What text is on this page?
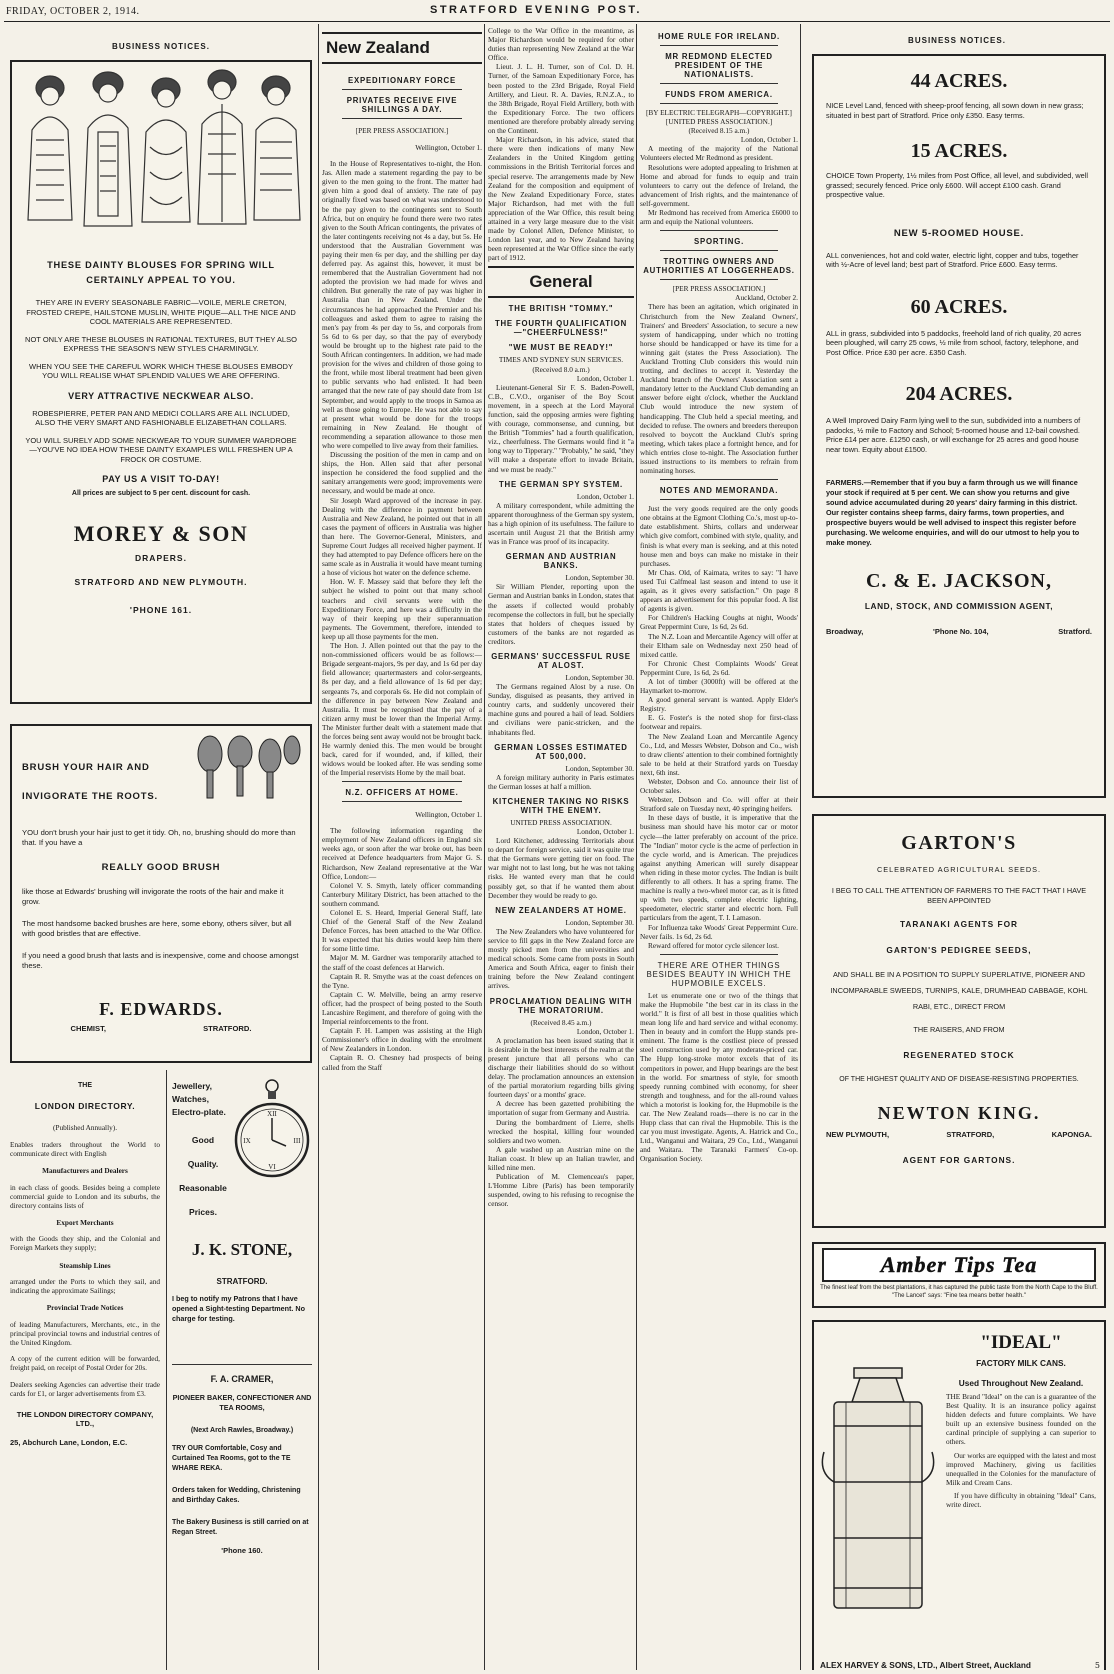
FRIDAY, OCTOBER 2, 1914.	STRATFORD EVENING POST.
BUSINESS NOTICES.

THESE DAINTY BLOUSES FOR SPRING WILL CERTAINLY APPEAL TO YOU.

THEY ARE IN EVERY SEASONABLE FABRIC—VOILE, MERLE CRETON, FROSTED CREPE, HAILSTONE MUSLIN, WHITE PIQUE—ALL THE NICE AND COOL MATERIALS ARE REPRESENTED.

NOT ONLY ARE THESE BLOUSES IN RATIONAL TEXTURES, BUT THEY ALSO EXPRESS THE SEASON'S NEW STYLES CHARMINGLY.

WHEN YOU SEE THE CAREFUL WORK WHICH THESE BLOUSES EMBODY YOU WILL REALISE WHAT SPLENDID VALUES WE ARE OFFERING.

VERY ATTRACTIVE NECKWEAR ALSO.

ROBESPIERRE, PETER PAN AND MEDICI COLLARS ARE ALL INCLUDED, ALSO THE VERY SMART AND FASHIONABLE ELIZABETHAN COLLARS.

YOU WILL SURELY ADD SOME NECKWEAR TO YOUR SUMMER WARDROBE—YOU'VE NO IDEA HOW THESE DAINTY EXAMPLES WILL FRESHEN UP A FROCK OR COSTUME.

PAY US A VISIT TO-DAY!

All prices are subject to 5 per cent. discount for cash.

MOREY & SON

DRAPERS.

STRATFORD AND NEW PLYMOUTH.

'PHONE 161.

BRUSH YOUR HAIR AND

INVIGORATE THE ROOTS.

YOU don't brush your hair just to get it tidy. Oh, no, brushing should do more than that. If you have a

REALLY GOOD BRUSH

like those at Edwards' brushing will invigorate the roots of the hair and make it grow.

The most handsome backed brushes are here, some ebony, others silver, but all with good bristles that are effective.

If you need a good brush that lasts and is inexpensive, come and choose amongst these.

F. EDWARDS.

CHEMIST,	STRATFORD.

THE

LONDON DIRECTORY.

(Published Annually).

Enables traders throughout the World to communicate direct with English

Manufacturers and Dealers

in each class of goods. Besides being a complete commercial guide to London and its suburbs, the directory contains lists of

Export Merchants

with the Goods they ship, and the Colonial and Foreign Markets they supply;

Steamship Lines

arranged under the Ports to which they sail, and indicating the approximate Sailings;

Provincial Trade Notices

of leading Manufacturers, Merchants, etc., in the principal provincial towns and industrial centres of the United Kingdom.

A copy of the current edition will be forwarded, freight paid, on receipt of Postal Order for 20s.

Dealers seeking Agencies can advertise their trade cards for £1, or larger advertisements from £3.

THE LONDON DIRECTORY COMPANY, LTD.,

25, Abchurch Lane, London, E.C.

Jewellery, Watches, Electro-plate.

Good

Quality.

Reasonable

Prices.

XII
III
VI
IX

J. K. STONE,

STRATFORD.

I beg to notify my Patrons that I have opened a Sight-testing Department. No charge for testing.

F. A. CRAMER,

PIONEER BAKER, CONFECTIONER AND TEA ROOMS,

(Next Arch Rawles, Broadway.)

TRY OUR Comfortable, Cosy and Curtained Tea Rooms, got to the TE WHARE REKA.

Orders taken for Wedding, Christening and Birthday Cakes.

The Bakery Business is still carried on at Regan Street.

'Phone 160.

New Zealand

EXPEDITIONARY FORCE

PRIVATES RECEIVE FIVE SHILLINGS A DAY.

[PER PRESS ASSOCIATION.]

Wellington, October 1.

In the House of Representatives to-night, the Hon. Jas. Allen made a statement regarding the pay to be given to the men going to the front. The matter had given him a good deal of anxiety. The rate of pay originally fixed was based on what was understood to be the pay given to the contingents sent to South Africa, but on enquiry he found there were two rates given to the South African contingents, the privates of the later contingents receiving not 4s a day, but 5s. He understood that the Australian Government was paying their men 6s per day, and the shilling per day deferred pay. As against this, however, it must be remembered that the Australian Government had not adopted the provision we had made for wives and children. But generally the rate of pay was higher in Australia than in New Zealand. Under the circumstances he had approached the Premier and his colleagues and asked them to agree to raising the men's pay from 4s per day to 5s, and corporals from 5s 6d to 6s per day, so that the pay of everybody would be brought up to the highest rate paid to the South African contingenters. In addition, we had made provision for the wives and children of those going to the front, while most liberal treatment had been given to public servants who had enlisted. It had been arranged that the new rate of pay should date from 1st September, and would apply to the troops in Samoa as well as those going to Europe. He was not able to say at present what would be done for the troops remaining in New Zealand. He thought of recommending a separation allowance to those men who were compelled to live away from their families.

Discussing the position of the men in camp and on ships, the Hon. Allen said that after personal inspection he considered the food supplied and the sanitary arrangements were good; improvements were necessary, and would be made at once.

Sir Joseph Ward approved of the increase in pay. Dealing with the difference in payment between Australia and New Zealand, he pointed out that in all cases the payment of officers in Australia was higher than here. The Governor-General, Ministers, and Supreme Court Judges all received higher payment. If they had attempted to pay Defence officers here on the same scale as in Australia it would have meant turning a hose of vicious hot water on the defence scheme.

Hon. W. F. Massey said that before they left the subject he wished to point out that many school teachers and civil servants were with the Expeditionary Force, and here was a difficulty in the way of their keeping up their superannuation payments. The Government, therefore, intended to keep up all those payments for the men.

The Hon. J. Allen pointed out that the pay to the non-commissioned officers would be as follows:—Brigade sergeant-majors, 9s per day, and 1s 6d per day field allowance; quartermasters and color-sergeants, 8s per day, and a field allowance of 1s 6d per day; sergeants 7s, and corporals 6s. He did not complain of the difference in pay between New Zealand and Australia. It must be recognised that the pay of a citizen army must be lower than the Imperial Army. The Minister further dealt with a statement made that the forces being sent away would not be brought back. He warmly denied this. The men would be brought back, cared for if wounded, and, if killed, their widows would be looked after. He was sending some of the Imperial reservists Home by the mail boat.

N.Z. OFFICERS AT HOME.

Wellington, October 1.

The following information regarding the employment of New Zealand officers in England six weeks ago, or soon after the war broke out, has been received at Defence headquarters from Major G. S. Richardson, New Zealand representative at the War Office, London:—

Colonel V. S. Smyth, lately officer commanding Canterbury Military District, has been attached to the southern command.

Colonel E. S. Heard, Imperial General Staff, late Chief of the General Staff of the New Zealand Defence Forces, has been attached to the War Office. It was expected that his duties would keep him there for some little time.

Major M. M. Gardner was temporarily attached to the staff of the coast defences at Harwich.

Captain R. R. Smythe was at the coast defences on the Tyne.

Captain C. W. Melville, being an army reserve officer, had the prospect of being posted to the South Lancashire Regiment, and therefore of going with the Imperial reinforcements to the front.

Captain F. H. Lampen was assisting at the High Commissioner's office in dealing with the enrolment of New Zealanders in London.

Captain R. O. Chesney had prospects of being called from the Staff

College to the War Office in the meantime, as Major Richardson would be required for other duties than representing New Zealand at the War Office.

Lieut. J. L. H. Turner, son of Col. D. H. Turner, of the Samoan Expeditionary Force, has been posted to the 23rd Brigade, Royal Field Artillery, and Lieut. R. A. Davies, R.N.Z.A., to the 38th Brigade, Royal Field Artillery, both with the Expeditionary Force. The two officers mentioned are therefore probably already serving on the Continent.

Major Richardson, in his advice, stated that there were then indications of many New Zealanders in the United Kingdom getting commissions in the British Territorial forces and special reserve. The arrangements made by New Zealand for the composition and equipment of the New Zealand Expeditionary Force, states Major Richardson, had met with the full appreciation of the War Office, this result being attained in a very large measure due to the visit made by Colonel Allen, Defence Minister, to London last year, and to New Zealand having been represented at the War Office since the early part of 1912.

General

THE BRITISH "TOMMY."

THE FOURTH QUALIFICATION—"CHEERFULNESS!"

"WE MUST BE READY!"

TIMES AND SYDNEY SUN SERVICES.

(Received 8.0 a.m.)

London, October 1.

Lieutenant-General Sir F. S. Baden-Powell, C.B., C.V.O., organiser of the Boy Scout movement, in a speech at the Lord Mayoral function, said the opposing armies were fighting with courage, commonsense, and cunning, but the British "Tommies" had a fourth qualification, viz., cheerfulness. The Germans would find it "a long way to Tipperary." "Probably," he said, "they will make a desperate effort to invade Britain, and we must be ready."

THE GERMAN SPY SYSTEM.

London, October 1.

A military correspondent, while admitting the apparent thoroughness of the German spy system, has a high opinion of its usefulness. The failure to ascertain until August 21 that the British army was in France was proof of its incapacity.

GERMAN AND AUSTRIAN BANKS.

London, September 30.

Sir William Plender, reporting upon the German and Austrian banks in London, states that the assets if collected would probably recompense the collectors in full, but he specially states that holders of cheques issued by customers of the banks are not regarded as creditors.

GERMANS' SUCCESSFUL RUSE AT ALOST.

London, September 30.

The Germans regained Alost by a ruse. On Sunday, disguised as peasants, they arrived in country carts, and suddenly uncovered their machine guns and poured a hail of lead. Soldiers and civilians were panic-stricken, and the inhabitants fled.

GERMAN LOSSES ESTIMATED AT 500,000.

London, September 30.

A foreign military authority in Paris estimates the German losses at half a million.

KITCHENER TAKING NO RISKS WITH THE ENEMY.

UNITED PRESS ASSOCIATION.

London, October 1.

Lord Kitchener, addressing Territorials about to depart for foreign service, said it was quite true that the Germans were getting tier on food. The war might not to last long, but he was not taking risks. He wanted every man that he could possibly get, so that if he wanted them about December they would be ready to go.

NEW ZEALANDERS AT HOME.

London, September 30.

The New Zealanders who have volunteered for service to fill gaps in the New Zealand force are mostly picked men from the universities and medical schools. Some came from posts in South America and South Africa, eager to finish their training before the New Zealand contingent arrives.

PROCLAMATION DEALING WITH THE MORATORIUM.

(Received 8.45 a.m.)

London, October 1.

A proclamation has been issued stating that it is desirable in the best interests of the realm at the present juncture that all persons who can discharge their liabilities should do so without delay. The proclamation announces an extension of the partial moratorium regarding bills giving fourteen days' or a months' grace.

A decree has been gazetted prohibiting the importation of sugar from Germany and Austria.

During the bombardment of Lierre, shells wrecked the hospital, killing four wounded soldiers and two women.

A gale washed up an Austrian mine on the Italian coast. It blew up an Italian trawler, and killed nine men.

Publication of M. Clemenceau's paper, L'Homme Libre (Paris) has been temporarily suspended, owing to his refusing to recognise the censor.

HOME RULE FOR IRELAND.

MR REDMOND ELECTED PRESIDENT OF THE NATIONALISTS.

FUNDS FROM AMERICA.

[BY ELECTRIC TELEGRAPH—COPYRIGHT.] [UNITED PRESS ASSOCIATION.]

(Received 8.15 a.m.)

London, October 1.

A meeting of the majority of the National Volunteers elected Mr Redmond as president.

Resolutions were adopted appealing to Irishmen at Home and abroad for funds to equip and train volunteers to carry out the defence of Ireland, the advancement of Irish rights, and the maintenance of self-government.

Mr Redmond has received from America £6000 to arm and equip the National volunteers.

SPORTING.

TROTTING OWNERS AND AUTHORITIES AT LOGGERHEADS.

[PER PRESS ASSOCIATION.]

Auckland, October 2.

There has been an agitation, which originated in Christchurch from the New Zealand Owners', Trainers' and Breeders' Association, to secure a new system of handicapping, under which no trotting horse should be handicapped or have its time for a winning gait (states the Press Association). The Auckland Trotting Club considers this would ruin trotting, and declines to accept it. Yesterday the Auckland branch of the Owners' Association sent a mandatory letter to the Auckland Club demanding an answer before eight o'clock, whether the Auckland Club would introduce the new system of handicapping. The Club held a special meeting, and decided to refuse. The owners and breeders thereupon resolved to boycott the Auckland Club's spring meeting, which takes place a fortnight hence, and for which entries close to-night. The Association further issued instructions to its members to refrain from nominating horses.

NOTES AND MEMORANDA.

Just the very goods required are the only goods one obtains at the Egmont Clothing Co.'s, most up-to-date establishment. Shirts, collars and underwear which give comfort, combined with style, quality, and finish is what every man is seeking, and at this noted house men and boys can make no mistake in their purchases.

Mr Chas. Old, of Kaimata, writes to say: "I have used Tui Calfmeal last season and intend to use it again, as it gives every satisfaction." On page 8 appears an advertisement for this popular food. A list of agents is given.

For Children's Hacking Coughs at night, Woods' Great Peppermint Cure, 1s 6d, 2s 6d.

The N.Z. Loan and Mercantile Agency will offer at their Eltham sale on Wednesday next 250 head of mixed cattle.

For Chronic Chest Complaints Woods' Great Peppermint Cure, 1s 6d, 2s 6d.

A lot of timber (3000ft) will be offered at the Haymarket to-morrow.

A good general servant is wanted. Apply Elder's Registry.

E. G. Foster's is the noted shop for first-class footwear and repairs.

The New Zealand Loan and Mercantile Agency Co., Ltd, and Messrs Webster, Dobson and Co., wish to draw clients' attention to their combined fortnightly sale to be held at their Stratford yards on Tuesday next, 6th inst.

Webster, Dobson and Co. announce their list of October sales.

Webster, Dobson and Co. will offer at their Stratford sale on Tuesday next, 40 springing heifers.

In these days of bustle, it is imperative that the business man should have his motor car or motor cycle—the latter preferably on account of the price. The "Indian" motor cycle is the acme of perfection in the cycle world, and is American. The prejudices against anything American will surely disappear when riding in these motor cycles. The Indian is built differently to all others. It has a spring frame. The machine is really a two-wheel motor car, as it is fitted up with two speeds, complete electric lighting, speedometer, electric starter and electric horn. Full particulars from the agent, T. I. Lamason.

For Influenza take Woods' Great Peppermint Cure. Never fails. 1s 6d, 2s 6d.

Reward offered for motor cycle silencer lost.

THERE ARE OTHER THINGS BESIDES BEAUTY IN WHICH THE HUPMOBILE EXCELS.

Let us enumerate one or two of the things that make the Hupmobile "the best car in its class in the world." It is first of all best in those qualities which mean long life and hard service and withal economy. Then in beauty and in comfort the Hupp stands pre-eminent. The frame is the costliest piece of pressed steel construction used by any moderate-priced car. The Hupp long-stroke motor excels that of its competitors in power, and Hupp bearings are the best in the world. For smartness of style, for smooth speedy running combined with economy, for sheer strength and toughness, and for the all-round values which a motorist is looking for, the Hupmobile is the car. The New Zealand roads—there is no car in the Hupp class that can rival the Hupmobile. This is the car you must investigate. Agents, A. Hatrick and Co., Ltd., Wanganui and Waitara, 29 Co., Ltd., Wanganui and Waitara. The Taranaki Farmers' Co-op. Organisation Society.

BUSINESS NOTICES.

44 ACRES.

NICE Level Land, fenced with sheep-proof fencing, all sown down in new grass; situated in best part of Stratford. Price only £350. Easy terms.

15 ACRES.

CHOICE Town Property, 1½ miles from Post Office, all level, and subdivided, well grassed; securely fenced. Price only £600. Will accept £100 cash. Grand prospective value.

NEW 5-ROOMED HOUSE.

ALL conveniences, hot and cold water, electric light, copper and tubs, together with ½-Acre of level land; best part of Stratford. Price £600. Easy terms.

60 ACRES.

ALL in grass, subdivided into 5 paddocks, freehold land of rich quality, 20 acres been ploughed, will carry 25 cows, ½ mile from school, factory, telephone, and Post Office. Price £30 per acre. £350 Cash.

204 ACRES.

A Well Improved Dairy Farm lying well to the sun, subdivided into a numbers of padocks, ½ mile to Factory and School; 5-roomed house and 12-bail cowshed. Price £14 per acre. £1250 cash, or will exchange for 25 acres and good house near town. Equity about £1500.

FARMERS.—Remember that if you buy a farm through us we will finance your stock if required at 5 per cent. We can show you returns and give sound advice accumulated during 20 years' dairy farming in this district. Our register contains sheep farms, dairy farms, town properties, and prospective buyers would be well advised to inspect this register before purchasing. We welcome enquiries, and will do our utmost to help you to make money.

C. & E. JACKSON,

LAND, STOCK, AND COMMISSION AGENT,

Broadway,	'Phone No. 104,	Stratford.

GARTON'S

CELEBRATED AGRICULTURAL SEEDS.

I BEG TO CALL THE ATTENTION OF FARMERS TO THE FACT THAT I HAVE BEEN APPOINTED

TARANAKI AGENTS FOR

GARTON'S PEDIGREE SEEDS,

AND SHALL BE IN A POSITION TO SUPPLY SUPERLATIVE, PIONEER AND INCOMPARABLE SWEEDS, TURNIPS, KALE, DRUMHEAD CABBAGE, KOHL RABI, ETC., DIRECT FROM

THE RAISERS, AND FROM

REGENERATED STOCK

OF THE HIGHEST QUALITY AND OF DISEASE-RESISTING PROPERTIES.

NEWTON KING.

NEW PLYMOUTH,	STRATFORD,	KAPONGA.

AGENT FOR GARTONS.

Amber Tips Tea

The finest leaf from the best plantations, it has captured the public taste from the North Cape to the Bluff. "The Lancet" says: "Fine tea means better health."

"IDEAL"

FACTORY MILK CANS.

Used Throughout New Zealand.

THE Brand "Ideal" on the can is a guarantee of the Best Quality. It is an insurance policy against hidden defects and future complaints. We have built up an extensive business founded on the cardinal principle of supplying a can superior to others.

Our works are equipped with the latest and most improved Machinery, giving us facilities unequalled in the Colonies for the manufacture of Milk and Cream Cans.

If you have difficulty in obtaining "Ideal" Cans, write direct.

ALEX HARVEY & SONS, LTD., Albert Street, Auckland	5
